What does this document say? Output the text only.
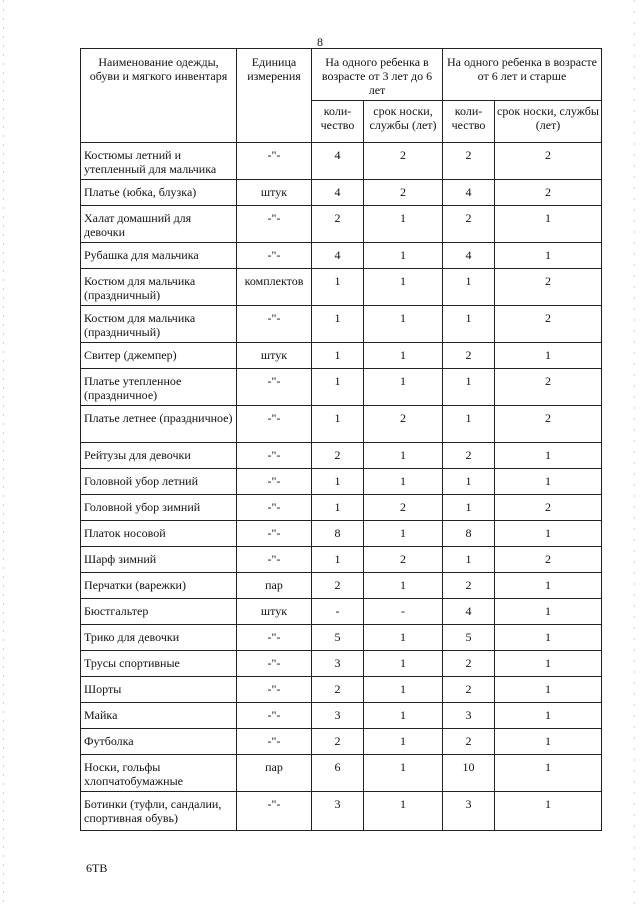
8
Наименование одежды, обуви и мягкого инвентаря	Единица измерения	На одного ребенка в возрасте от 3 лет до 6 лет		На одного ребенка в возрасте от 6 лет и старше	
		коли-чество	срок носки, службы (лет)	коли-чество	срок носки, службы (лет)
Костюмы летний и утепленный для мальчика	-"-	4	2	2	2
Платье (юбка, блузка)	штук	4	2	4	2
Халат домашний для девочки	-"-	2	1	2	1
Рубашка для мальчика	-"-	4	1	4	1
Костюм для мальчика (праздничный)	комплектов	1	1	1	2
Костюм для мальчика (праздничный)	-"-	1	1	1	2
Свитер (джемпер)	штук	1	1	2	1
Платье утепленное (праздничное)	-"-	1	1	1	2
Платье летнее (праздничное)	-"-	1	2	1	2
Рейтузы для девочки	-"-	2	1	2	1
Головной убор летний	-"-	1	1	1	1
Головной убор зимний	-"-	1	2	1	2
Платок носовой	-"-	8	1	8	1
Шарф зимний	-"-	1	2	1	2
Перчатки (варежки)	пар	2	1	2	1
Бюстгальтер	штук	-	-	4	1
Трико для девочки	-"-	5	1	5	1
Трусы спортивные	-"-	3	1	2	1
Шорты	-"-	2	1	2	1
Майка	-"-	3	1	3	1
Футболка	-"-	2	1	2	1
Носки, гольфы хлопчатобумажные	пар	6	1	10	1
Ботинки (туфли, сандалии, спортивная обувь)	-"-	3	1	3	1
6ТВ
